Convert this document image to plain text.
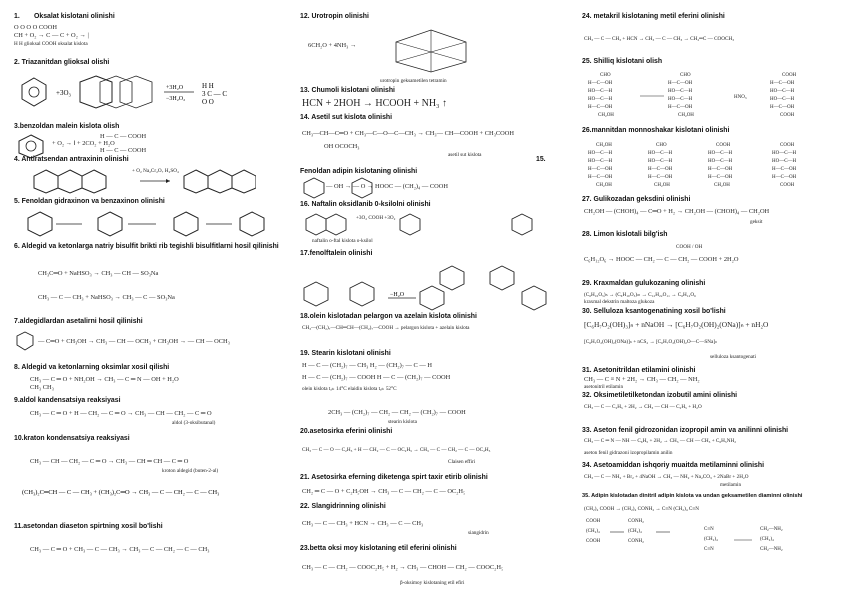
1. Oksalat kislotani olinishi
O O O O COOH
CH + O₂ → C — C + O₂ → |
H H glioksal COOH oksalat kislota
2. Triazanitdan glioksal olishi
+3O₃
+3H₂O
−3H₂O₂
H H
3 C — C
O O
3.benzoldan malein kislota olish
H — C — COOH
+ O₂ → ‖ + 2CO₂ + H₂O
H — C — COOH
4. Antiratsendan antraxinin olinishi
+ O₂ Na₂Cr₂O₇ H₂SO₄
5. Fenoldan gidraxinon va benzaxinon olinishi
6. Aldegid va ketonlarga natriy bisulfit brikti rib tegishli bisulfitlarni hosil qilinishi
CH₃C═O + NaHSO₃ → CH₃ — CH — SO₃Na
CH₃ — C — CH₃ + NaHSO₃ → CH₃ — C — SO₃Na
7.aldegidlardan asetalirni hosil qilinishi
— C═O + CH₃OH → CH₃ — CH — OCH₃ + CH₃OH → — CH — OCH₃
8. Aldegid va ketonlarning oksimlar xosil qilishi
CH₃ — C ═ O + NH₂OH → CH₃ — C ═ N — OH + H₂O
CH₃ CH₃
9.aldol kandensatsiya reaksiyasi
CH₃ — C ═ O + H — CH₂ — C ═ O → CH₃ — CH — CH₂ — C ═ O
aldol (3-oksibutanal)
10.kraton kondensatsiya reaksiyasi
CH₃ — CH — CH₂ — C ═ O → CH₃ — CH ═ CH — C ═ O
kroton aldegid (buten-2-al)
(CH₃)₂C═CH — C — CH₃ + (CH₃)₂C═O → CH₃ — C — CH₂ — C — CH₃
11.asetondan diaseton spirtning xosil bo'lishi
CH₃ — C ═ O + CH₃ — C — CH₃ → CH₃ — C — CH₂ — C — CH₃
12. Urotropin olinishi
6CH₂O + 4NH₃ →
urotropin geksametilen tetramin
13. Chumoli kislotani olinishi
HCN + 2HOH → HCOOH + NH₃ ↑
14. Asetil sut kislota olinishi
CH₃—CH—C═O + CH₃—C—O—C—CH₃ → CH₃— CH—COOH + CH₃COOH
OH OCOCH₃
asetil sut kislota
15.
Fenoldan adipin kislotaning olinishi
— OH → — O → HOOC — (CH₂)₄ — COOH
16. Naftalin oksidlanib 0-ksilolni olinishi
+3O₂ COOH +3O₂
naftalin o-ftal kislota o-ksilol
17.fenolftalein olinishi
−H₂O
18.olein kislotadan pelargon va azelain kislota olinishi
CH₃—(CH₂)₇—CH═CH—(CH₂)₇—COOH → pelargon kislota + azelain kislota
19. Stearin kislotani olinishi
H — C — (CH₂)₇ — CH₃ H₂ — (CH₂)₇ — C — H
H — C — (CH₂)₇ — COOH H — C — (CH₂)₇ — COOH
olein kislota tₐₗₖ 14°C elaidin kislota tₐₗₖ 52°C
2CH₃ — (CH₂)₇ — CH₂ — CH₂ — (CH₂)₇ — COOH
stearin kislota
20.asetosirka eferini olinishi
CH₃ — C — O — C₂H₅ + H — CH₂ — C — OC₂H₅ → CH₃ — C — CH₂ — C — OC₂H₅
Claisen effiri
21. Asetosirka eferning diketenga spirt taxir etirib olinishi
CH₂ ═ C — O + C₂H₅OH → CH₃ — C — CH₂ — C — OC₂H₅
22. Slangidrinning olinishi
CH₃ — C — CH₃ + HCN → CH₃ — C — CH₃
siangidrin
23.betta oksi moy kislotaning etil eferini olinishi
CH₃ — C — CH₂ — COOC₂H₅ + H₂ → CH₃ — CHOH — CH₂ — COOC₂H₅
β-oksimoy kislotaning etil efiri
24. metakril kislotaning metil eferini olinishi
CH₃ — C — CH₃ + HCN → CH₃ — C — CH₃ → CH₂═C — COOCH₃
25. Shilliq kislotani olish
CHO
H—C—OH
HO—C—H
HO—C—H
H—C—OH
CH₂OH
CHO
H—C—OH
HO—C—H
HO—C—H
H—C—OH
CH₂OH
HNO₃
COOH
H—C—OH
HO—C—H
HO—C—H
H—C—OH
COOH
26.mannitdan monnoshakar kislotani olinishi
CH₂OH
HO—C—H
HO—C—H
H—C—OH
H—C—OH
CH₂OH
CHO
HO—C—H
HO—C—H
H—C—OH
H—C—OH
CH₂OH
COOH
HO—C—H
HO—C—H
H—C—OH
H—C—OH
CH₂OH
COOH
HO—C—H
HO—C—H
H—C—OH
H—C—OH
COOH
27. Gulikozadan geksdini olinishi
CH₂OH — (CHOH)₄ — C═O + H₂ → CH₂OH — (CHOH)₄ — CH₂OH
geksit
28. Limon kislotali bilg'ish
COOH / OH
C₆H₁₂O₆ → HOOC — CH₂ — C — CH₂ — COOH + 2H₂O
29. Kraxmaldan gulukozaning olinishi
(C₆H₁₀O₅)ₙ → (C₆H₁₀O₅)ₘ → C₁₂H₂₂O₁₁ → C₆H₁₂O₆
kraxmal dekstrin maltoza glukoza
30. Selluloza ksantogenatining xosil bo'lishi
[C₆H₇O₂(OH)₃]ₙ + nNaOH → [C₆H₇O₂(OH)₂(ONa)]ₙ + nH₂O
[C₆H₇O₂(OH)₂(ONa)]ₙ + nCS₂ → [C₆H₇O₂(OH)₂O—C—SNa]ₙ
selluloza ksantogenati
31. Asetonitrildan etilamini olinishi
CH₃ — C ≡ N + 2H₂ → CH₃ — CH₂ — NH₂
asetonitril etilamin
32. Oksimetiletilketondan izobutil amini olinishi
CH₃ — C — C₂H₅ + 2H₂ → CH₃ — CH — C₂H₅ + H₂O
33. Aseton fenil gidrozonidan izopropil amin va anilinni olinishi
CH₃ — C ═ N — NH — C₆H₅ + 2H₂ → CH₃ — CH — CH₃ + C₆H₅NH₂
aseton fenil gidrazoni izopropilamin anilin
34. Asetoamiddan ishqoriy muaitda metilaminni olinishi
CH₃ — C — NH₂ + Br₂ + 4NaOH → CH₃ — NH₂ + Na₂CO₃ + 2NaBr + 2H₂O
metilamin
35. Adipin kislotadan dinitril adipin kislota va undan geksametilen diaminni olinishi
(CH₂)₄ COOH → (CH₂)₄ CONH₂ → C≡N (CH₂)₄ C≡N
COOH
(CH₂)₄
COOH
CONH₂
(CH₂)₄
CONH₂
C≡N
(CH₂)₄
C≡N
CH₂—NH₂
(CH₂)₄
CH₂—NH₂
